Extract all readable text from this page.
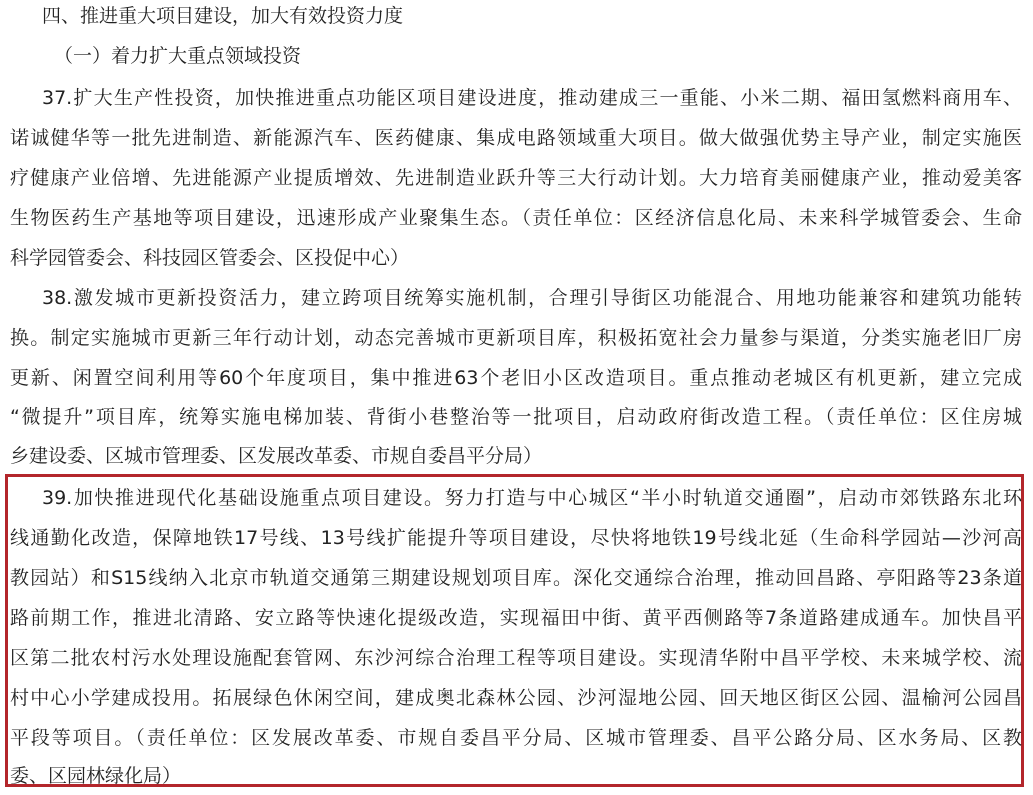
四、推进重大项目建设，加大有效投资力度
（一）着力扩大重点领域投资
37.扩大生产性投资，加快推进重点功能区项目建设进度，推动建成三一重能、小米二期、福田氢燃料商用车、
诺诚健华等一批先进制造、新能源汽车、医药健康、集成电路领域重大项目。做大做强优势主导产业，制定实施医
疗健康产业倍增、先进能源产业提质增效、先进制造业跃升等三大行动计划。大力培育美丽健康产业，推动爱美客
生物医药生产基地等项目建设，迅速形成产业聚集生态。（责任单位：区经济信息化局、未来科学城管委会、生命
科学园管委会、科技园区管委会、区投促中心）
38.激发城市更新投资活力，建立跨项目统筹实施机制，合理引导街区功能混合、用地功能兼容和建筑功能转
换。制定实施城市更新三年行动计划，动态完善城市更新项目库，积极拓宽社会力量参与渠道，分类实施老旧厂房
更新、闲置空间利用等60个年度项目，集中推进63个老旧小区改造项目。重点推动老城区有机更新，建立完成
“微提升”项目库，统筹实施电梯加装、背街小巷整治等一批项目，启动政府街改造工程。（责任单位：区住房城
乡建设委、区城市管理委、区发展改革委、市规自委昌平分局）
39.加快推进现代化基础设施重点项目建设。努力打造与中心城区“半小时轨道交通圈”，启动市郊铁路东北环
线通勤化改造，保障地铁17号线、13号线扩能提升等项目建设，尽快将地铁19号线北延（生命科学园站—沙河高
教园站）和S15线纳入北京市轨道交通第三期建设规划项目库。深化交通综合治理，推动回昌路、亭阳路等23条道
路前期工作，推进北清路、安立路等快速化提级改造，实现福田中街、黄平西侧路等7条道路建成通车。加快昌平
区第二批农村污水处理设施配套管网、东沙河综合治理工程等项目建设。实现清华附中昌平学校、未来城学校、流
村中心小学建成投用。拓展绿色休闲空间，建成奥北森林公园、沙河湿地公园、回天地区街区公园、温榆河公园昌
平段等项目。（责任单位：区发展改革委、市规自委昌平分局、区城市管理委、昌平公路分局、区水务局、区教
委、区园林绿化局）
